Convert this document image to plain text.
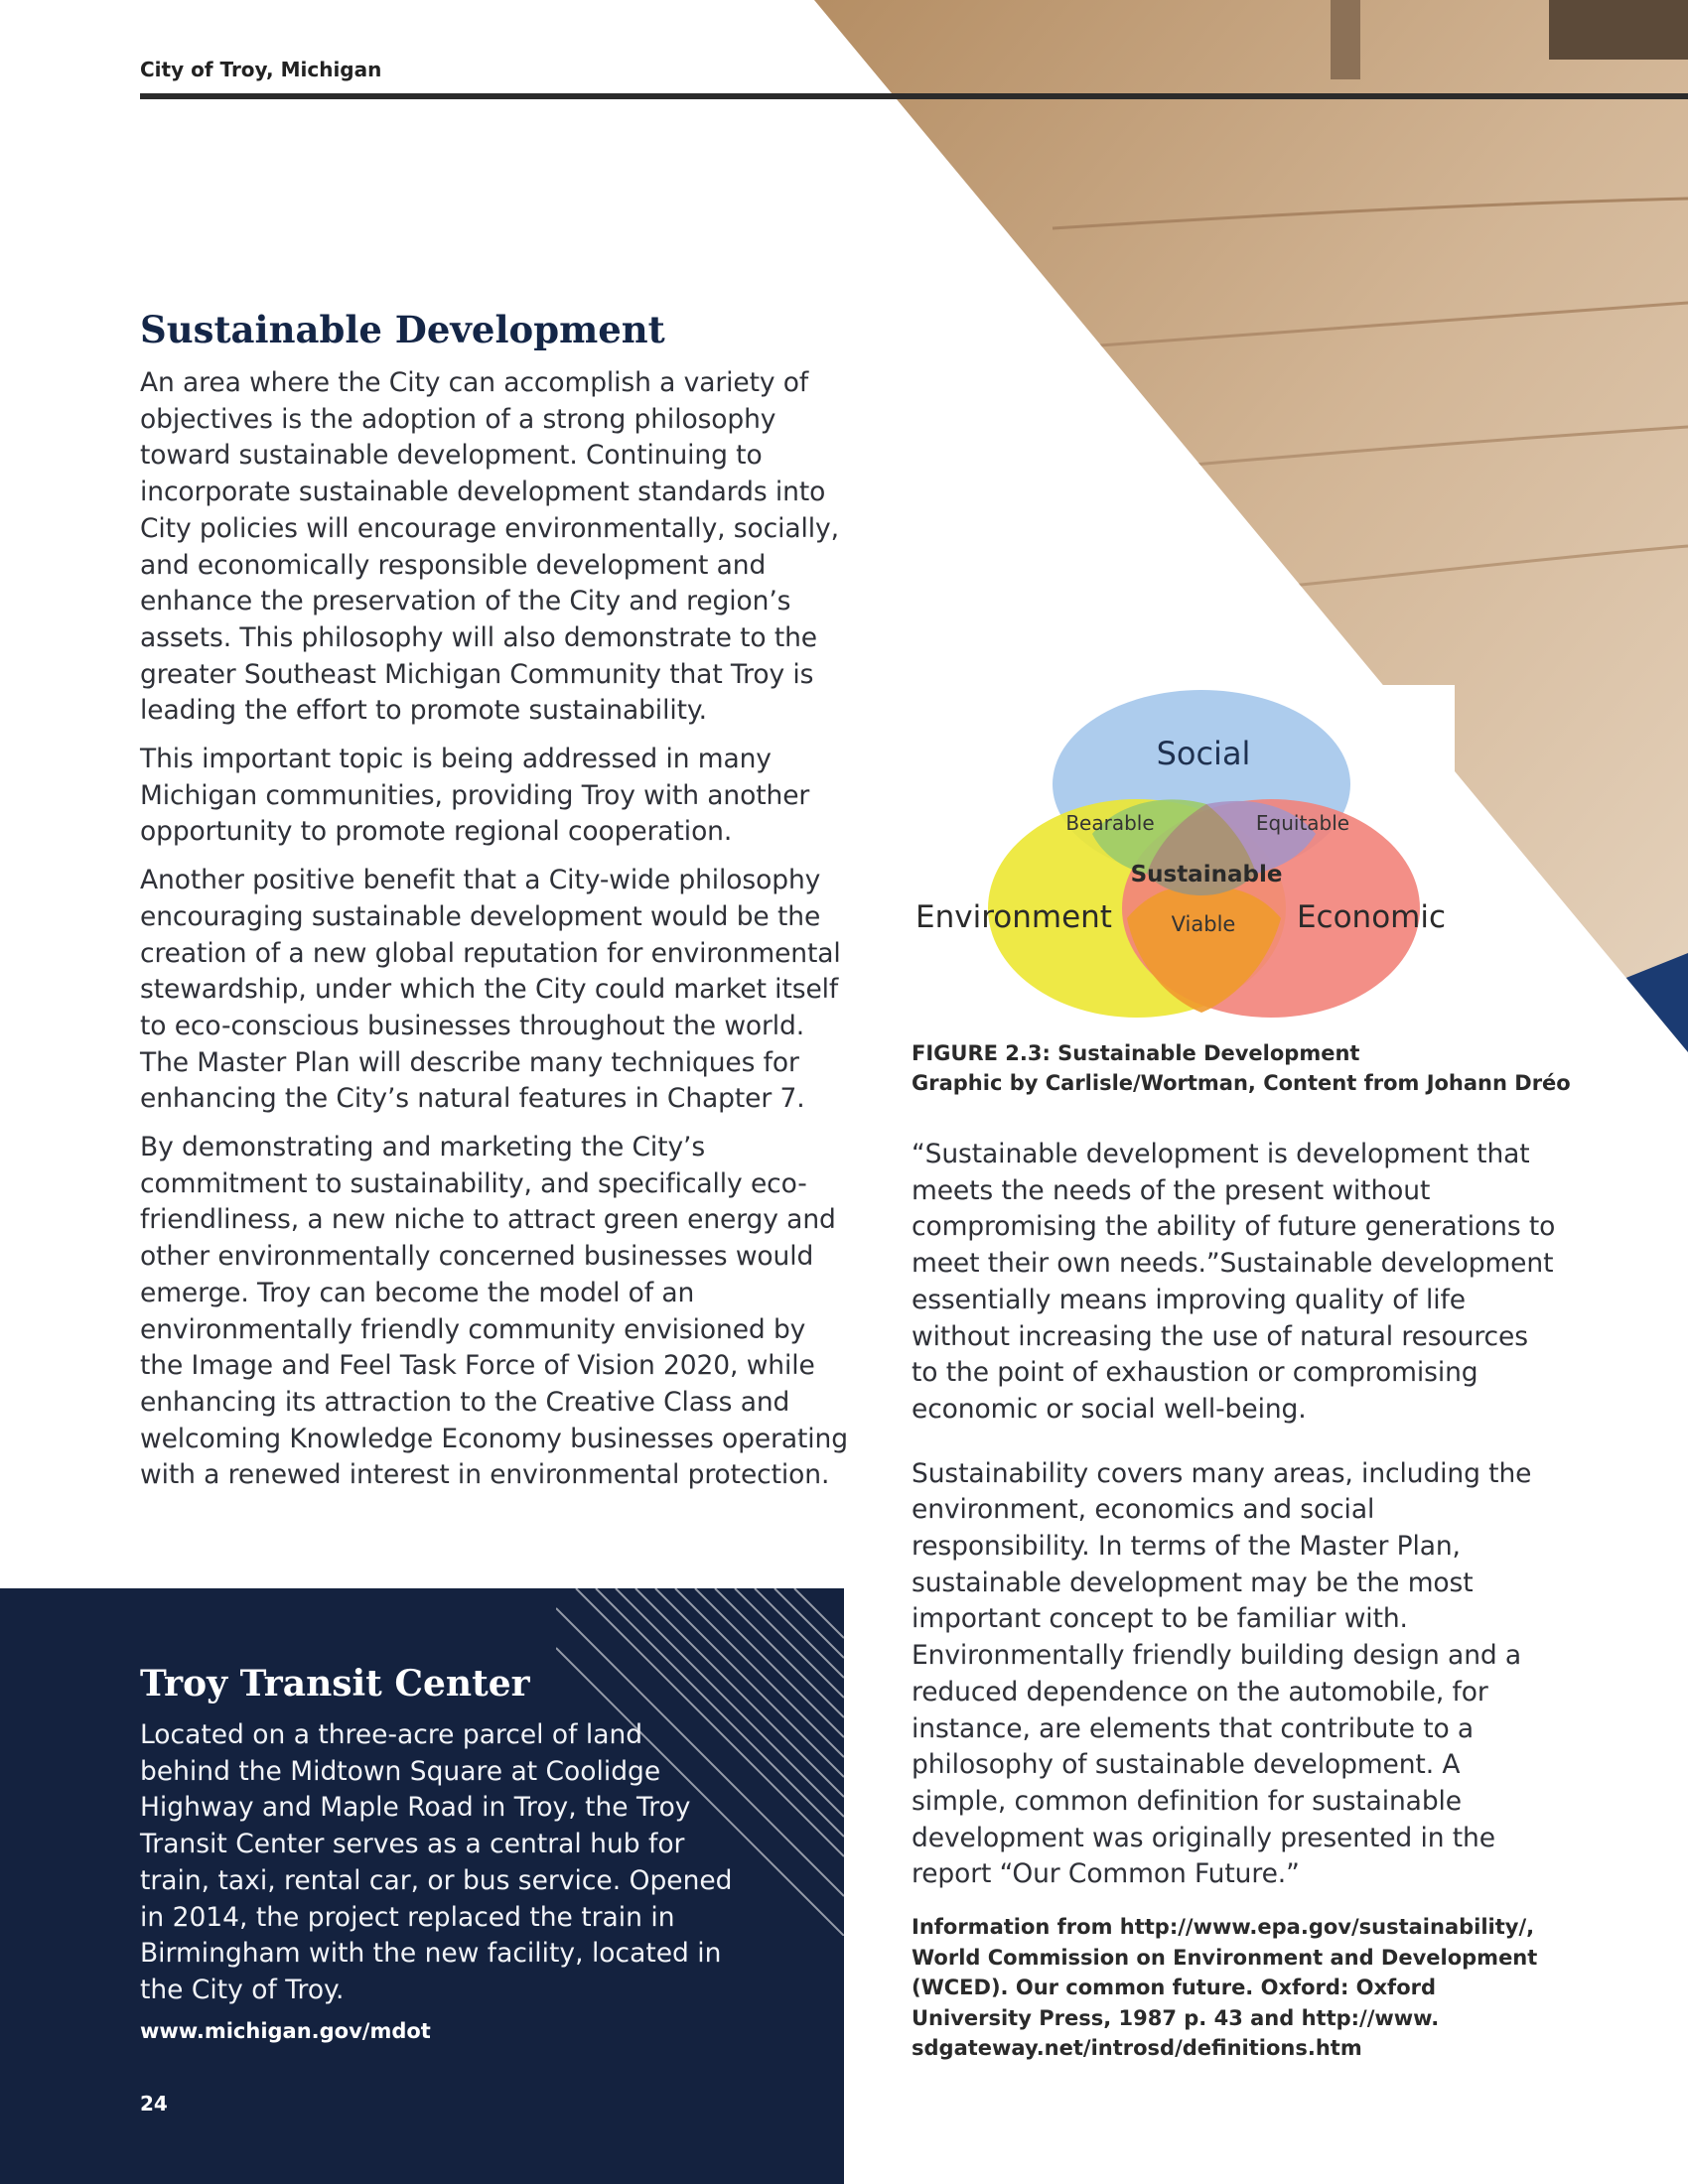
City of Troy, Michigan
Sustainable Development

An area where the City can accomplish a variety of objectives is the adoption of a strong philosophy toward sustainable development. Continuing to incorporate sustainable development standards into City policies will encourage environmentally, socially, and economically responsible development and enhance the preservation of the City and region’s assets. This philosophy will also demonstrate to the greater Southeast Michigan Community that Troy is leading the effort to promote sustainability.

This important topic is being addressed in many Michigan communities, providing Troy with another opportunity to promote regional cooperation.

Another positive benefit that a City-wide philosophy encouraging sustainable development would be the creation of a new global reputation for environmental stewardship, under which the City could market itself to eco-conscious businesses throughout the world. The Master Plan will describe many techniques for enhancing the City’s natural features in Chapter 7.

By demonstrating and marketing the City’s commitment to sustainability, and specifically eco-friendliness, a new niche to attract green energy and other environmentally concerned businesses would emerge. Troy can become the model of an environmentally friendly community envisioned by the Image and Feel Task Force of Vision 2020, while enhancing its attraction to the Creative Class and welcoming Knowledge Economy businesses operating with a renewed interest in environmental protection.

Social
Bearable	Equitable
Sustainable
Environment	Viable Economic
FIGURE 2.3: Sustainable Development
Graphic by Carlisle/Wortman, Content from Johann Dréo

“Sustainable development is development that meets the needs of the present without compromising the ability of future generations to meet their own needs.”Sustainable development essentially means improving quality of life without increasing the use of natural resources to the point of exhaustion or compromising economic or social well-being.

Sustainability covers many areas, including the environment, economics and social responsibility. In terms of the Master Plan, sustainable development may be the most important concept to be familiar with. Environmentally friendly building design and a reduced dependence on the automobile, for instance, are elements that contribute to a philosophy of sustainable development. A simple, common definition for sustainable development was originally presented in the report “Our Common Future.”

Information from http://www.epa.gov/sustainability/, World Commission on Environment and Development (WCED). Our common future. Oxford: Oxford University Press, 1987 p. 43 and http://www. sdgateway.net/introsd/definitions.htm
Troy Transit Center
Located on a three-acre parcel of land behind the Midtown Square at Coolidge Highway and Maple Road in Troy, the Troy Transit Center serves as a central hub for train, taxi, rental car, or bus service. Opened in 2014, the project replaced the train in Birmingham with the new facility, located in the City of Troy.
www.michigan.gov/mdot
24
